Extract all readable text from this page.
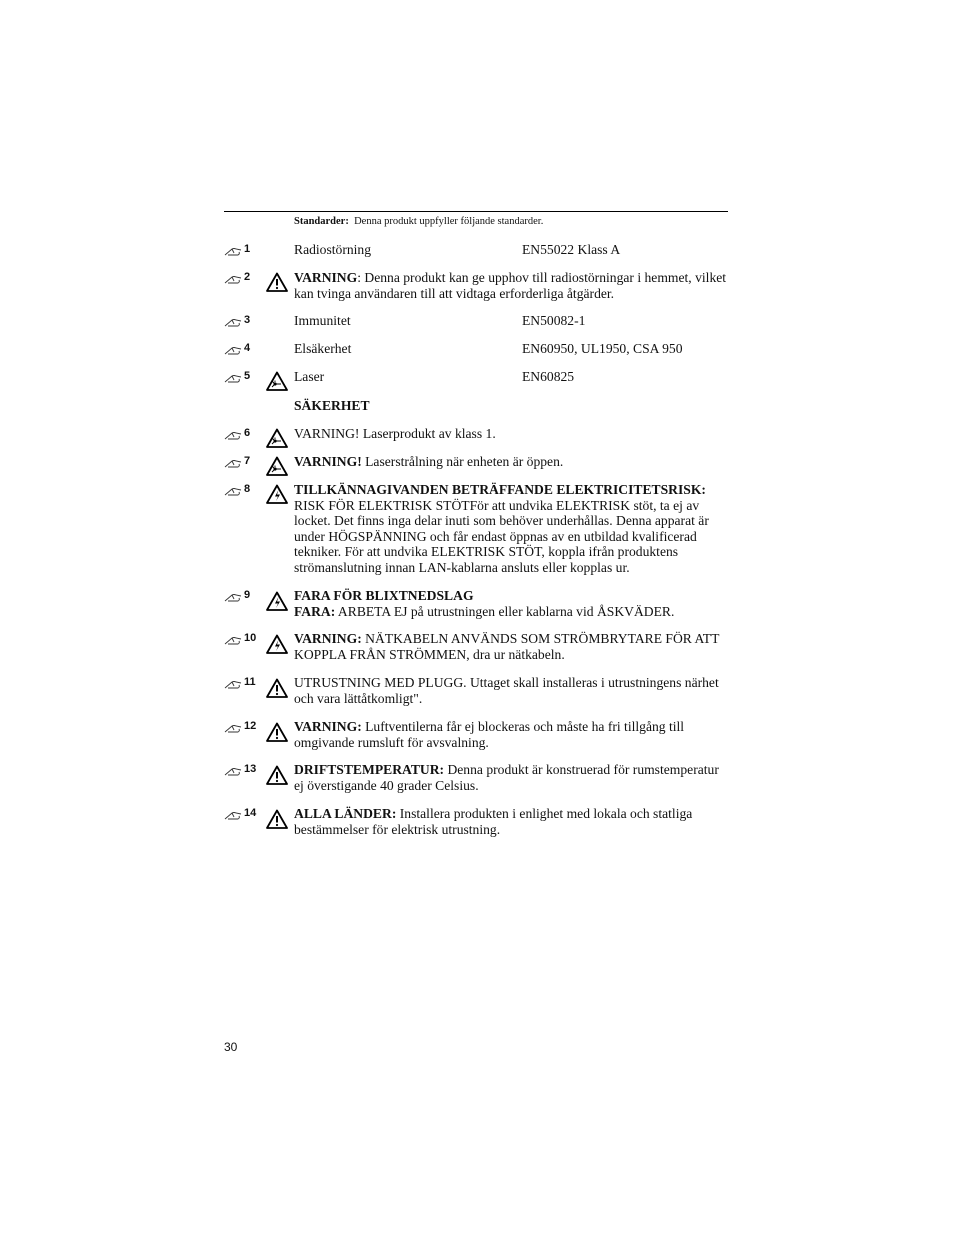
Standarder: Denna produkt uppfyller följande standarder.
SÄKERHET
1	Radiostörning	EN55022 Klass A
2	VARNING: Denna produkt kan ge upphov till radiostörningar i hemmet, vilket kan tvinga användaren till att vidtaga erforderliga åtgärder.
3	Immunitet	EN50082-1
4	Elsäkerhet	EN60950, UL1950, CSA 950
5	Laser	EN60825
6	VARNING! Laserprodukt av klass 1.
7	VARNING! Laserstrålning när enheten är öppen.
8	TILLKÄNNAGIVANDEN BETRÄFFANDE ELEKTRICITETSRISK:
RISK FÖR ELEKTRISK STÖTFör att undvika ELEKTRISK stöt, ta ej av locket. Det finns inga delar inuti som behöver underhållas. Denna apparat är under HÖGSPÄNNING och får endast öppnas av en utbildad kvalificerad tekniker. För att undvika ELEKTRISK STÖT, koppla ifrån produktens strömanslutning innan LAN-kablarna ansluts eller kopplas ur.
9	FARA FÖR BLIXTNEDSLAG
FARA: ARBETA EJ på utrustningen eller kablarna vid ÅSKVÄDER.
10	VARNING: NÄTKABELN ANVÄNDS SOM STRÖMBRYTARE FÖR ATT KOPPLA FRÅN STRÖMMEN, dra ur nätkabeln.
11	UTRUSTNING MED PLUGG. Uttaget skall installeras i utrustningens närhet och vara lättåtkomligt".
12	VARNING: Luftventilerna får ej blockeras och måste ha fri tillgång till omgivande rumsluft för avsvalning.
13	DRIFTSTEMPERATUR: Denna produkt är konstruerad för rumstemperatur ej överstigande 40 grader Celsius.
14	ALLA LÄNDER: Installera produkten i enlighet med lokala och statliga bestämmelser för elektrisk utrustning.
30
